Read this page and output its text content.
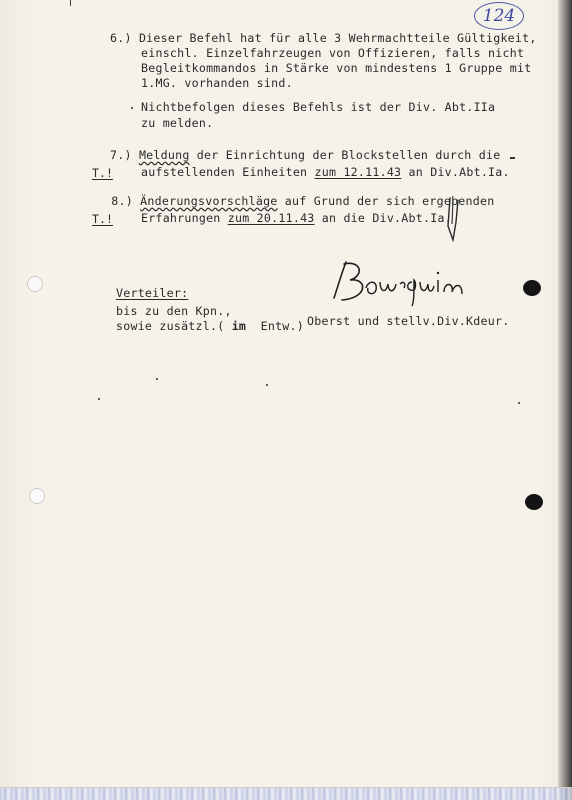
124
6.) Dieser Befehl hat für alle 3 Wehrmachtteile Gültigkeit,
einschl. Einzelfahrzeugen von Offizieren, falls nicht
Begleitkommandos in Stärke von mindestens 1 Gruppe mit
1.MG. vorhanden sind.
Nichtbefolgen dieses Befehls ist der Div. Abt.IIa
zu melden.
7.) Meldung der Einrichtung der Blockstellen durch die
T.! aufstellenden Einheiten zum 12.11.43 an Div.Abt.Ia.
8.) Änderungsvorschläge auf Grund der sich ergebenden
T.! Erfahrungen zum 20.11.43 an die Div.Abt.Ia.
Verteiler:
bis zu den Kpn.,
sowie zusätzl.( im  Entw.) Oberst und stellv.Div.Kdeur.
